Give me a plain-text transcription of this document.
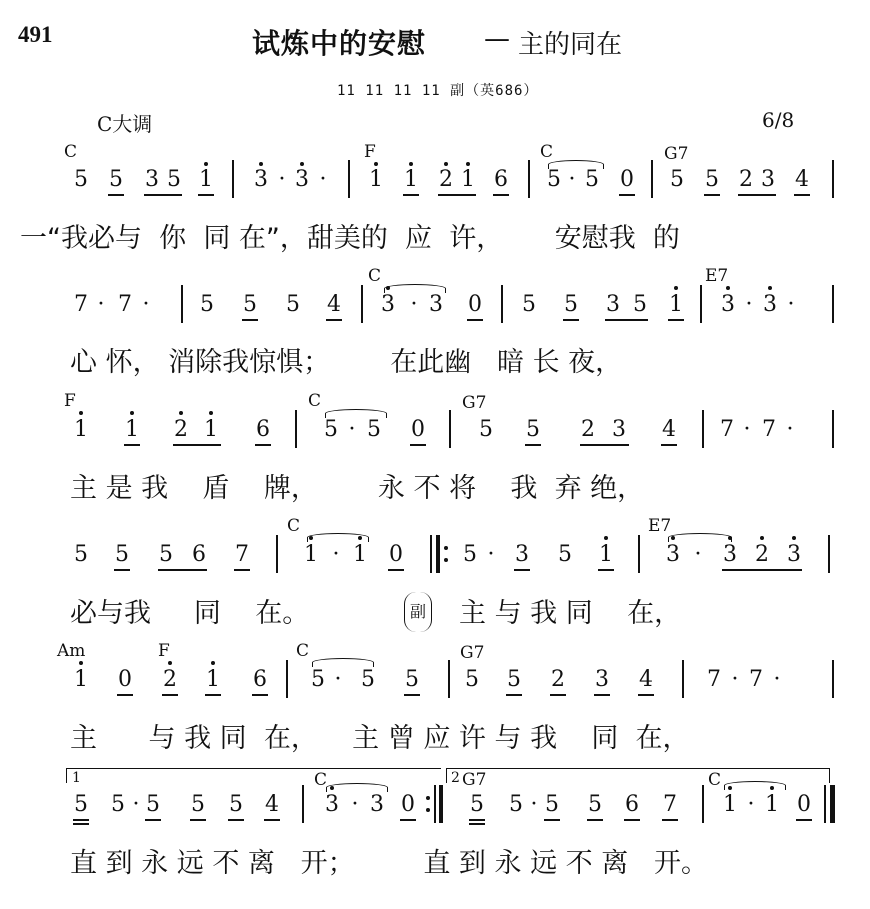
491	试炼中的安慰 — 主的同在
11 11 11 11 副（英686）
C大调	6/8
C	F	C	G7
5 5 3 5 1 3 · 3 · 1 1 2 1 6 5 · 5 0 5 5 2 3 4
一“我必与  你  同 在”，甜美的  应  许，      安慰我  的
C	E7
7 · 7 · 5 5 5 4 3 · 3 0 5 5 3 5 1 3 · 3 ·
心 怀， 消除我惊惧；       在此幽   暗 长 夜，
F	C	G7
1 1 2 1 6 5 · 5 0 5 5 2 3 4 7 · 7 ·
主 是 我    盾    牌，       永 不 将    我  弃 绝，
C	E7
5 5 5 6 7	1 · 1 0	5 · 3 5 1 3 · 3 2 3
必与我     同    在。	副 主 与 我 同    在，
Am	F	C	G7
1 0 2 1 6 5 · 5 5 5 5 2 3 4 7 · 7 ·
主      与 我 同  在，    主 曾 应 许 与 我    同  在，
1	2
C	G7	C
5 5 · 5 5 5 4 3 · 3 0	5 5 · 5 5 6 7 1 · 1 0
直 到 永 远 不 离   开；        直 到 永 远 不 离   开。
